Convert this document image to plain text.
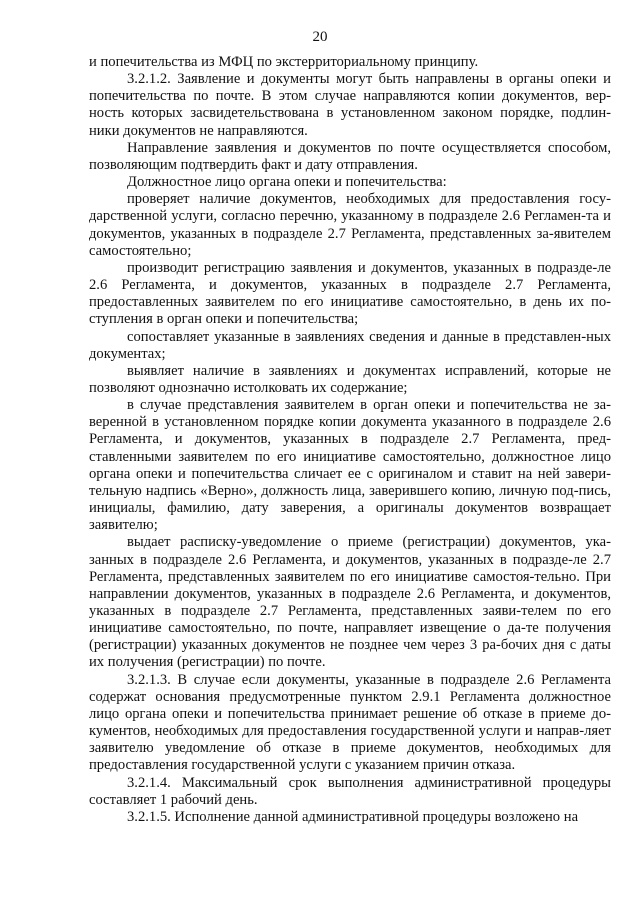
20

и попечительства из МФЦ по экстерриториальному принципу.

3.2.1.2. Заявление и документы могут быть направлены в органы опеки и попечительства по почте. В этом случае направляются копии документов, вер-ность которых засвидетельствована в установленном законом порядке, подлин-ники документов не направляются.

Направление заявления и документов по почте осуществляется способом, позволяющим подтвердить факт и дату отправления.

Должностное лицо органа опеки и попечительства:

проверяет наличие документов, необходимых для предоставления госу-дарственной услуги, согласно перечню, указанному в подразделе 2.6 Регламен-та и документов, указанных в подразделе 2.7 Регламента, представленных за-явителем самостоятельно;

производит регистрацию заявления и документов, указанных в подразде-ле 2.6 Регламента, и документов, указанных в подразделе 2.7 Регламента, предоставленных заявителем по его инициативе самостоятельно, в день их по-ступления в орган опеки и попечительства;

сопоставляет указанные в заявлениях сведения и данные в представлен-ных документах;

выявляет наличие в заявлениях и документах исправлений, которые не позволяют однозначно истолковать их содержание;

в случае представления заявителем в орган опеки и попечительства не за-веренной в установленном порядке копии документа указанного в подразделе 2.6 Регламента, и документов, указанных в подразделе 2.7 Регламента, пред-ставленными заявителем по его инициативе самостоятельно, должностное лицо органа опеки и попечительства сличает ее с оригиналом и ставит на ней завери-тельную надпись «Верно», должность лица, заверившего копию, личную под-пись, инициалы, фамилию, дату заверения, а оригиналы документов возвращает заявителю;

выдает расписку-уведомление о приеме (регистрации) документов, ука-занных в подразделе 2.6 Регламента, и документов, указанных в подразде-ле 2.7 Регламента, представленных заявителем по его инициативе самостоя-тельно. При направлении документов, указанных в подразделе 2.6 Регламента, и документов, указанных в подразделе 2.7 Регламента, представленных заяви-телем по его инициативе самостоятельно, по почте, направляет извещение о да-те получения (регистрации) указанных документов не позднее чем через 3 ра-бочих дня с даты их получения (регистрации) по почте.

3.2.1.3. В случае если документы, указанные в подразделе 2.6 Регламента содержат основания предусмотренные пунктом 2.9.1 Регламента должностное лицо органа опеки и попечительства принимает решение об отказе в приеме до-кументов, необходимых для предоставления государственной услуги и направ-ляет заявителю уведомление об отказе в приеме документов, необходимых для предоставления государственной услуги с указанием причин отказа.

3.2.1.4. Максимальный срок выполнения административной процедуры составляет 1 рабочий день.

3.2.1.5. Исполнение данной административной процедуры возложено на
